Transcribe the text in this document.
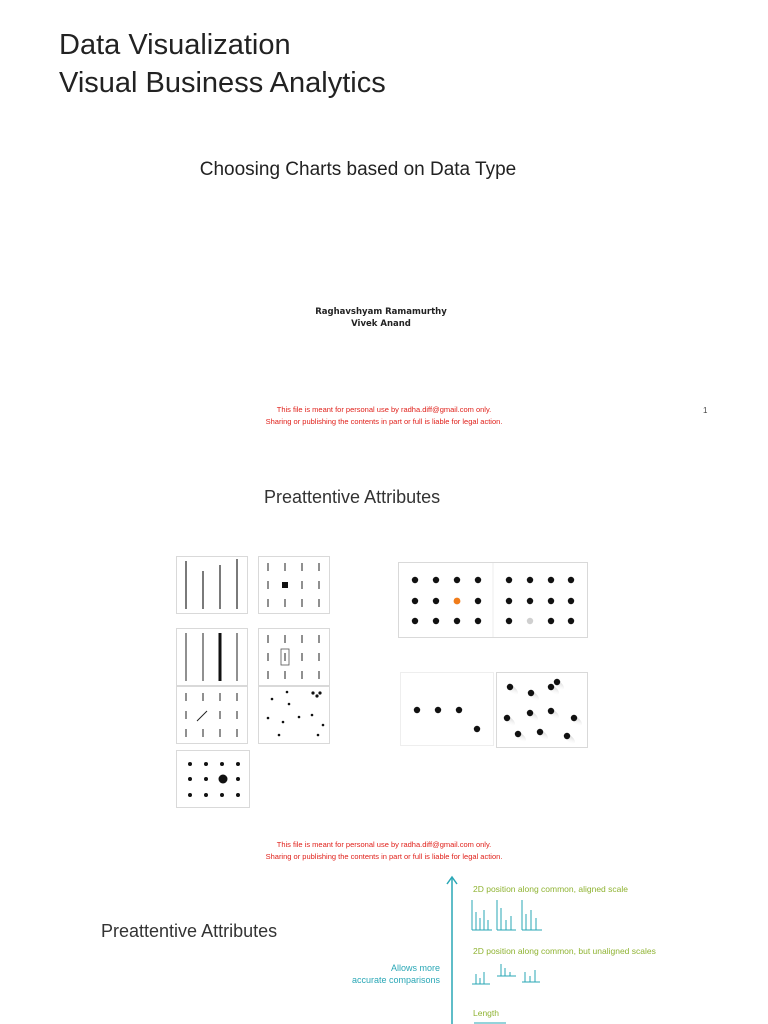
Data Visualization
Visual Business Analytics
Choosing Charts based on Data Type
Raghavshyam Ramamurthy
Vivek Anand
This file is meant for personal use by radha.diff@gmail.com only.
Sharing or publishing the contents in part or full is liable for legal action.
1
Preattentive Attributes
This file is meant for personal use by radha.diff@gmail.com only.
Sharing or publishing the contents in part or full is liable for legal action.
Preattentive Attributes
Allows more
accurate comparisons
2D position along common, aligned scale
2D position along common, but unaligned scales
Length
